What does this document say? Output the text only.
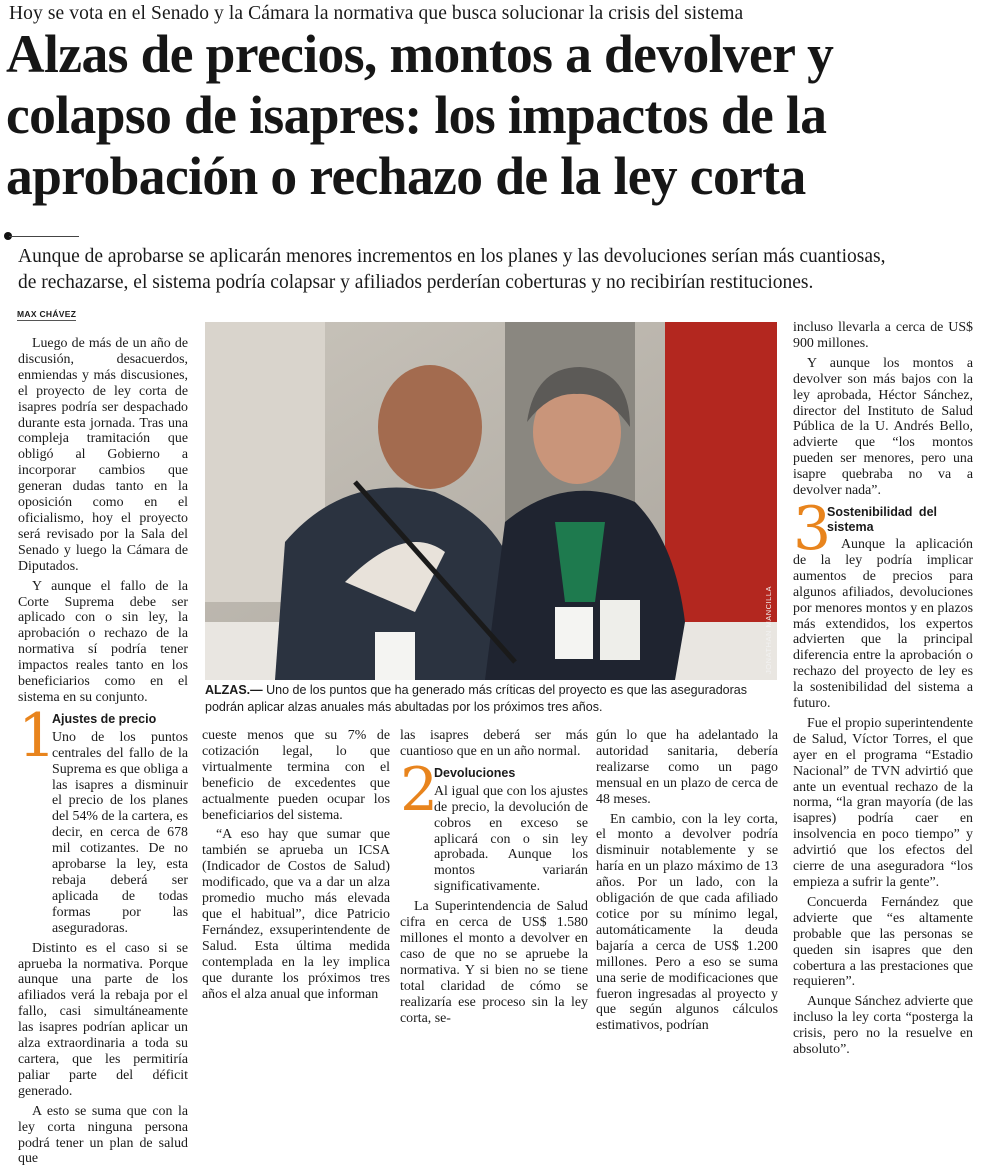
Hoy se vota en el Senado y la Cámara la normativa que busca solucionar la crisis del sistema
Alzas de precios, montos a devolver y
colapso de isapres: los impactos de la
aprobación o rechazo de la ley corta
Aunque de aprobarse se aplicarán menores incrementos en los planes y las devoluciones serían más cuantiosas,
de rechazarse, el sistema podría colapsar y afiliados perderían coberturas y no recibirían restituciones.
MAX CHÁVEZ

Luego de más de un año de discusión, desacuerdos, enmiendas y más discusiones, el proyecto de ley corta de isapres podría ser despachado durante esta jornada. Tras una compleja tramitación que obligó al Gobierno a incorporar cambios que generan dudas tanto en la oposición como en el oficialismo, hoy el proyecto será revisado por la Sala del Senado y luego la Cámara de Diputados.

Y aunque el fallo de la Corte Suprema debe ser aplicado con o sin ley, la aprobación o rechazo de la normativa sí podría tener impactos reales tanto en los beneficiarios como en el sistema en su conjunto.

1
Ajustes de precio

Uno de los puntos centrales del fallo de la Suprema es que obliga a las isapres a disminuir el precio de los planes del 54% de la cartera, es decir, en cerca de 678 mil cotizantes. De no aprobarse la ley, esta rebaja deberá ser aplicada de todas formas por las aseguradoras.

Distinto es el caso si se aprueba la normativa. Porque aunque una parte de los afiliados verá la rebaja por el fallo, casi simultáneamente las isapres podrían aplicar un alza extraordinaria a toda su cartera, que les permitiría paliar parte del déficit generado.

A esto se suma que con la ley corta ninguna persona podrá tener un plan de salud que

JONATHAN MANCILLA
ALZAS.— Uno de los puntos que ha generado más críticas del proyecto es que las aseguradoras podrán aplicar alzas anuales más abultadas por los próximos tres años.

cueste menos que su 7% de cotización legal, lo que virtualmente termina con el beneficio de excedentes que actualmente pueden ocupar los beneficiarios del sistema.

“A eso hay que sumar que también se aprueba un ICSA (Indicador de Costos de Salud) modificado, que va a dar un alza promedio mucho más elevada que el habitual”, dice Patricio Fernández, exsuperintendente de Salud. Esta última medida contemplada en la ley implica que durante los próximos tres años el alza anual que informan

las isapres deberá ser más cuantioso que en un año normal.

2
Devoluciones

Al igual que con los ajustes de precio, la devolución de cobros en exceso se aplicará con o sin ley aprobada. Aunque los montos variarán significativamente.

La Superintendencia de Salud cifra en cerca de US$ 1.580 millones el monto a devolver en caso de que no se apruebe la normativa. Y si bien no se tiene total claridad de cómo se realizaría ese proceso sin la ley corta, se-

gún lo que ha adelantado la autoridad sanitaria, debería realizarse como un pago mensual en un plazo de cerca de 48 meses.

En cambio, con la ley corta, el monto a devolver podría disminuir notablemente y se haría en un plazo máximo de 13 años. Por un lado, con la obligación de que cada afiliado cotice por su mínimo legal, automáticamente la deuda bajaría a cerca de US$ 1.200 millones. Pero a eso se suma una serie de modificaciones que fueron ingresadas al proyecto y que según algunos cálculos estimativos, podrían

incluso llevarla a cerca de US$ 900 millones.

Y aunque los montos a devolver son más bajos con la ley aprobada, Héctor Sánchez, director del Instituto de Salud Pública de la U. Andrés Bello, advierte que “los montos pueden ser menores, pero una isapre quebraba no va a devolver nada”.

3
Sostenibilidad del sistema

Aunque la aplicación de la ley podría implicar aumentos de precios para algunos afiliados, devoluciones por menores montos y en plazos más extendidos, los expertos advierten que la principal diferencia entre la aprobación o rechazo del proyecto de ley es la sostenibilidad del sistema a futuro.

Fue el propio superintendente de Salud, Víctor Torres, el que ayer en el programa “Estadio Nacional” de TVN advirtió que ante un eventual rechazo de la norma, “la gran mayoría (de las isapres) podría caer en insolvencia en poco tiempo” y advirtió que los efectos del cierre de una aseguradora “los empieza a sufrir la gente”.

Concuerda Fernández que advierte que “es altamente probable que las personas se queden sin isapres que den cobertura a las prestaciones que requieren”.

Aunque Sánchez advierte que incluso la ley corta “posterga la crisis, pero no la resuelve en absoluto”.
